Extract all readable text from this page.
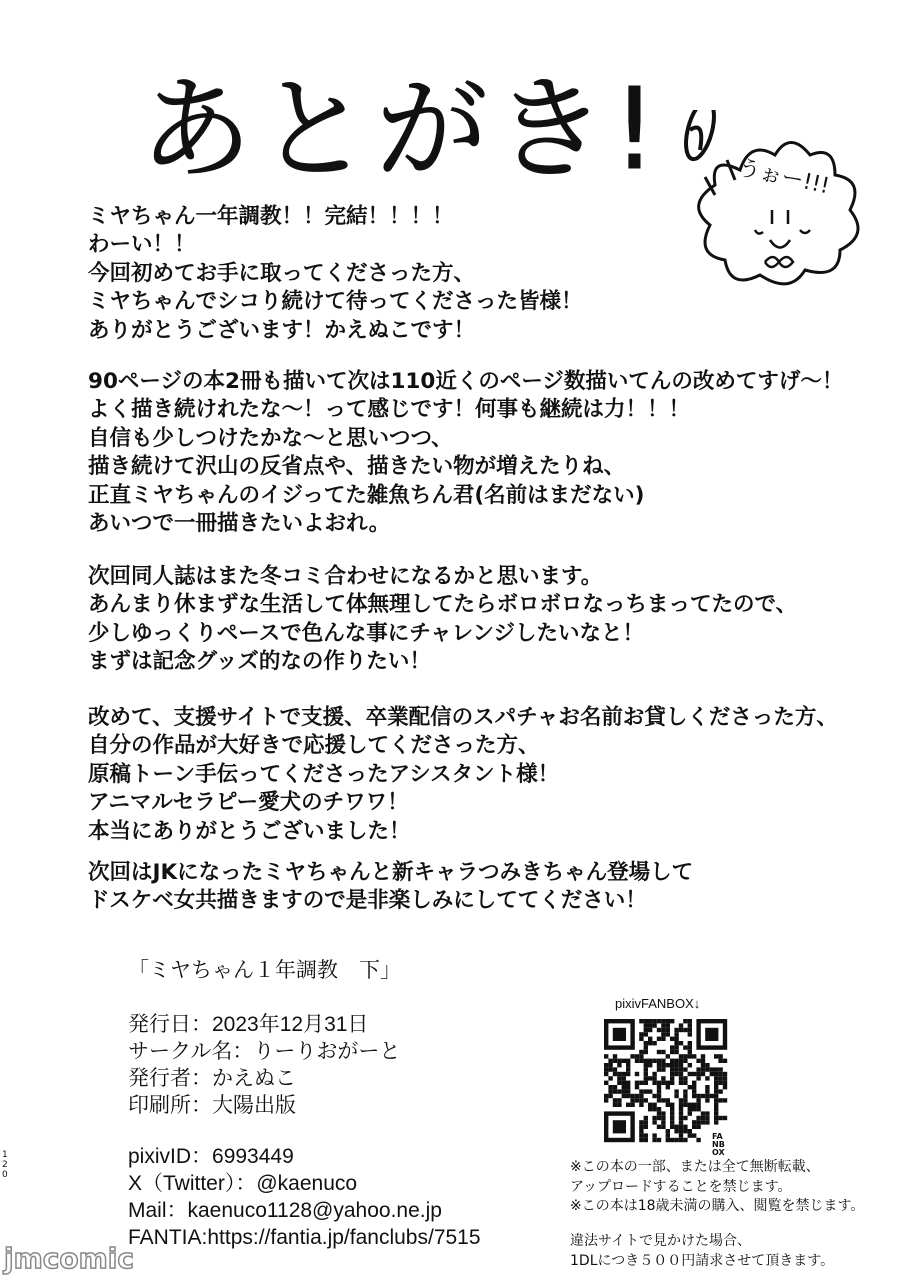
あとがき!	うぉー!!!
ミヤちゃん一年調教！！完結！！！！
わーい！！
今回初めてお手に取ってくださった方、
ミヤちゃんでシコり続けて待ってくださった皆様！
ありがとうございます！かえぬこです！
90ページの本2冊も描いて次は110近くのページ数描いてんの改めてすげ〜！
よく描き続けれたな〜！って感じです！何事も継続は力！！！
自信も少しつけたかな〜と思いつつ、
描き続けて沢山の反省点や、描きたい物が増えたりね、
正直ミヤちゃんのイジってた雑魚ちん君(名前はまだない)
あいつで一冊描きたいよおれ。
次回同人誌はまた冬コミ合わせになるかと思います。
あんまり休まずな生活して体無理してたらボロボロなっちまってたので、
少しゆっくりペースで色んな事にチャレンジしたいなと！
まずは記念グッズ的なの作りたい！
改めて、支援サイトで支援、卒業配信のスパチャお名前お貸しくださった方、
自分の作品が大好きで応援してくださった方、
原稿トーン手伝ってくださったアシスタント様！
アニマルセラピー愛犬のチワワ！
本当にありがとうございました！
次回はJKになったミヤちゃんと新キャラつみきちゃん登場して
ドスケベ女共描きますので是非楽しみにしててください！
「ミヤちゃん１年調教　下」
発行日：2023年12月31日
サークル名：りーりおがーと
発行者：かえぬこ
印刷所：大陽出版
pixivID：6993449
X（Twitter）：@kaenuco
Mail：kaenuco1128@yahoo.ne.jp
FANTIA:https://fantia.jp/fanclubs/7515
pixivFANBOX↓
FANBOX
※この本の一部、または全て無断転載、
アップロードすることを禁じます。
※この本は18歳未満の購入、閲覧を禁じます。
違法サイトで見かけた場合、
1DLにつき５００円請求させて頂きます。
120
jmcomic
